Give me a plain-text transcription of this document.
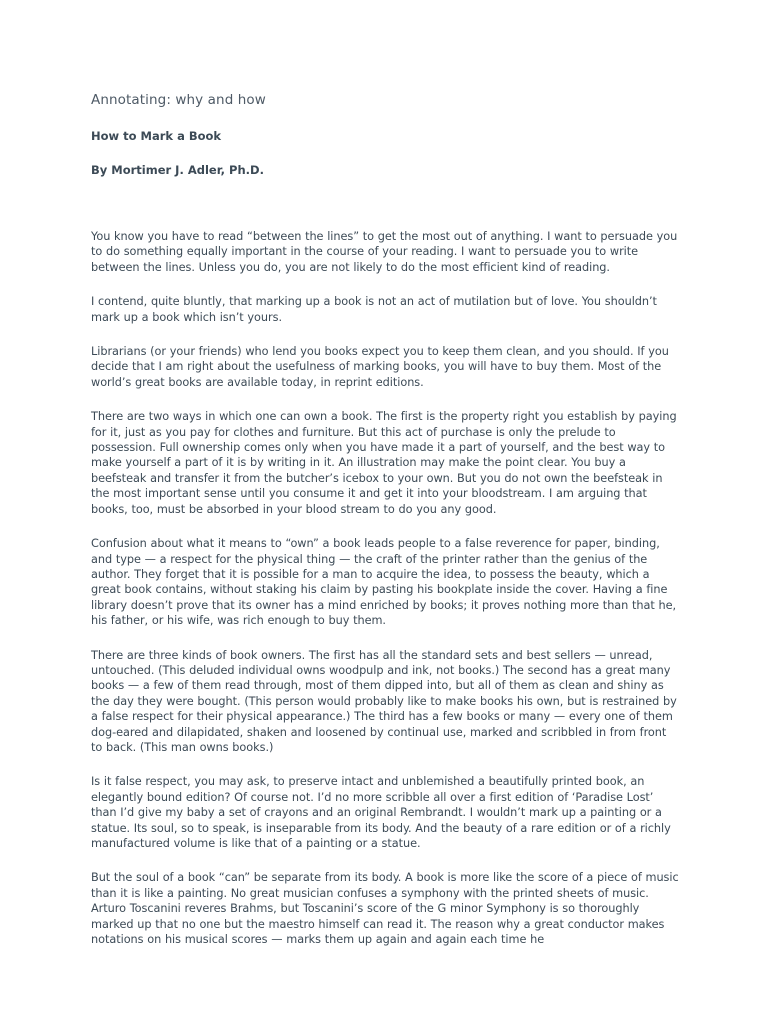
Annotating: why and how
How to Mark a Book
By Mortimer J. Adler, Ph.D.

You know you have to read “between the lines” to get the most out of anything. I want to persuade you to do something equally important in the course of your reading. I want to persuade you to write between the lines. Unless you do, you are not likely to do the most efficient kind of reading.

I contend, quite bluntly, that marking up a book is not an act of mutilation but of love. You shouldn’t mark up a book which isn’t yours.

Librarians (or your friends) who lend you books expect you to keep them clean, and you should. If you decide that I am right about the usefulness of marking books, you will have to buy them. Most of the world’s great books are available today, in reprint editions.

There are two ways in which one can own a book. The first is the property right you establish by paying for it, just as you pay for clothes and furniture. But this act of purchase is only the prelude to possession. Full ownership comes only when you have made it a part of yourself, and the best way to make yourself a part of it is by writing in it. An illustration may make the point clear. You buy a beefsteak and transfer it from the butcher’s icebox to your own. But you do not own the beefsteak in the most important sense until you consume it and get it into your bloodstream. I am arguing that books, too, must be absorbed in your blood stream to do you any good.

Confusion about what it means to “own” a book leads people to a false reverence for paper, binding, and type — a respect for the physical thing — the craft of the printer rather than the genius of the author. They forget that it is possible for a man to acquire the idea, to possess the beauty, which a great book contains, without staking his claim by pasting his bookplate inside the cover. Having a fine library doesn’t prove that its owner has a mind enriched by books; it proves nothing more than that he, his father, or his wife, was rich enough to buy them.

There are three kinds of book owners. The first has all the standard sets and best sellers — unread, untouched. (This deluded individual owns woodpulp and ink, not books.) The second has a great many books — a few of them read through, most of them dipped into, but all of them as clean and shiny as the day they were bought. (This person would probably like to make books his own, but is restrained by a false respect for their physical appearance.) The third has a few books or many — every one of them dog-eared and dilapidated, shaken and loosened by continual use, marked and scribbled in from front to back. (This man owns books.)

Is it false respect, you may ask, to preserve intact and unblemished a beautifully printed book, an elegantly bound edition? Of course not. I’d no more scribble all over a first edition of ‘Paradise Lost’ than I’d give my baby a set of crayons and an original Rembrandt. I wouldn’t mark up a painting or a statue. Its soul, so to speak, is inseparable from its body. And the beauty of a rare edition or of a richly manufactured volume is like that of a painting or a statue.

But the soul of a book “can” be separate from its body. A book is more like the score of a piece of music than it is like a painting. No great musician confuses a symphony with the printed sheets of music. Arturo Toscanini reveres Brahms, but Toscanini’s score of the G minor Symphony is so thoroughly marked up that no one but the maestro himself can read it. The reason why a great conductor makes notations on his musical scores — marks them up again and again each time he
